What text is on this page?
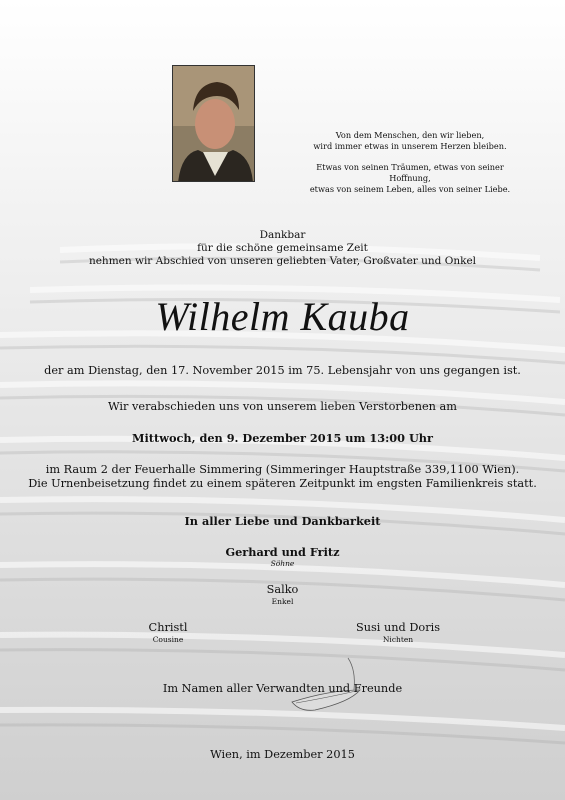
Von dem Menschen, den wir lieben,
wird immer etwas in unserem Herzen bleiben.
Etwas von seinen Träumen, etwas von seiner Hoffnung,
etwas von seinem Leben, alles von seiner Liebe.
Dankbar
für die schöne gemeinsame Zeit
nehmen wir Abschied von unseren geliebten Vater, Großvater und Onkel
Wilhelm Kauba
der am Dienstag, den 17. November 2015 im 75. Lebensjahr von uns gegangen ist.
Wir verabschieden uns von unserem lieben Verstorbenen am
Mittwoch, den 9. Dezember 2015 um 13:00 Uhr
im Raum 2 der Feuerhalle Simmering (Simmeringer Hauptstraße 339,1100 Wien).
Die Urnenbeisetzung findet zu einem späteren Zeitpunkt im engsten Familienkreis statt.
In aller Liebe und Dankbarkeit
Gerhard und Fritz
Söhne
Salko
Enkel
Christl
Cousine
Susi und Doris
Nichten
Im Namen aller Verwandten und Freunde
Wien, im Dezember 2015
